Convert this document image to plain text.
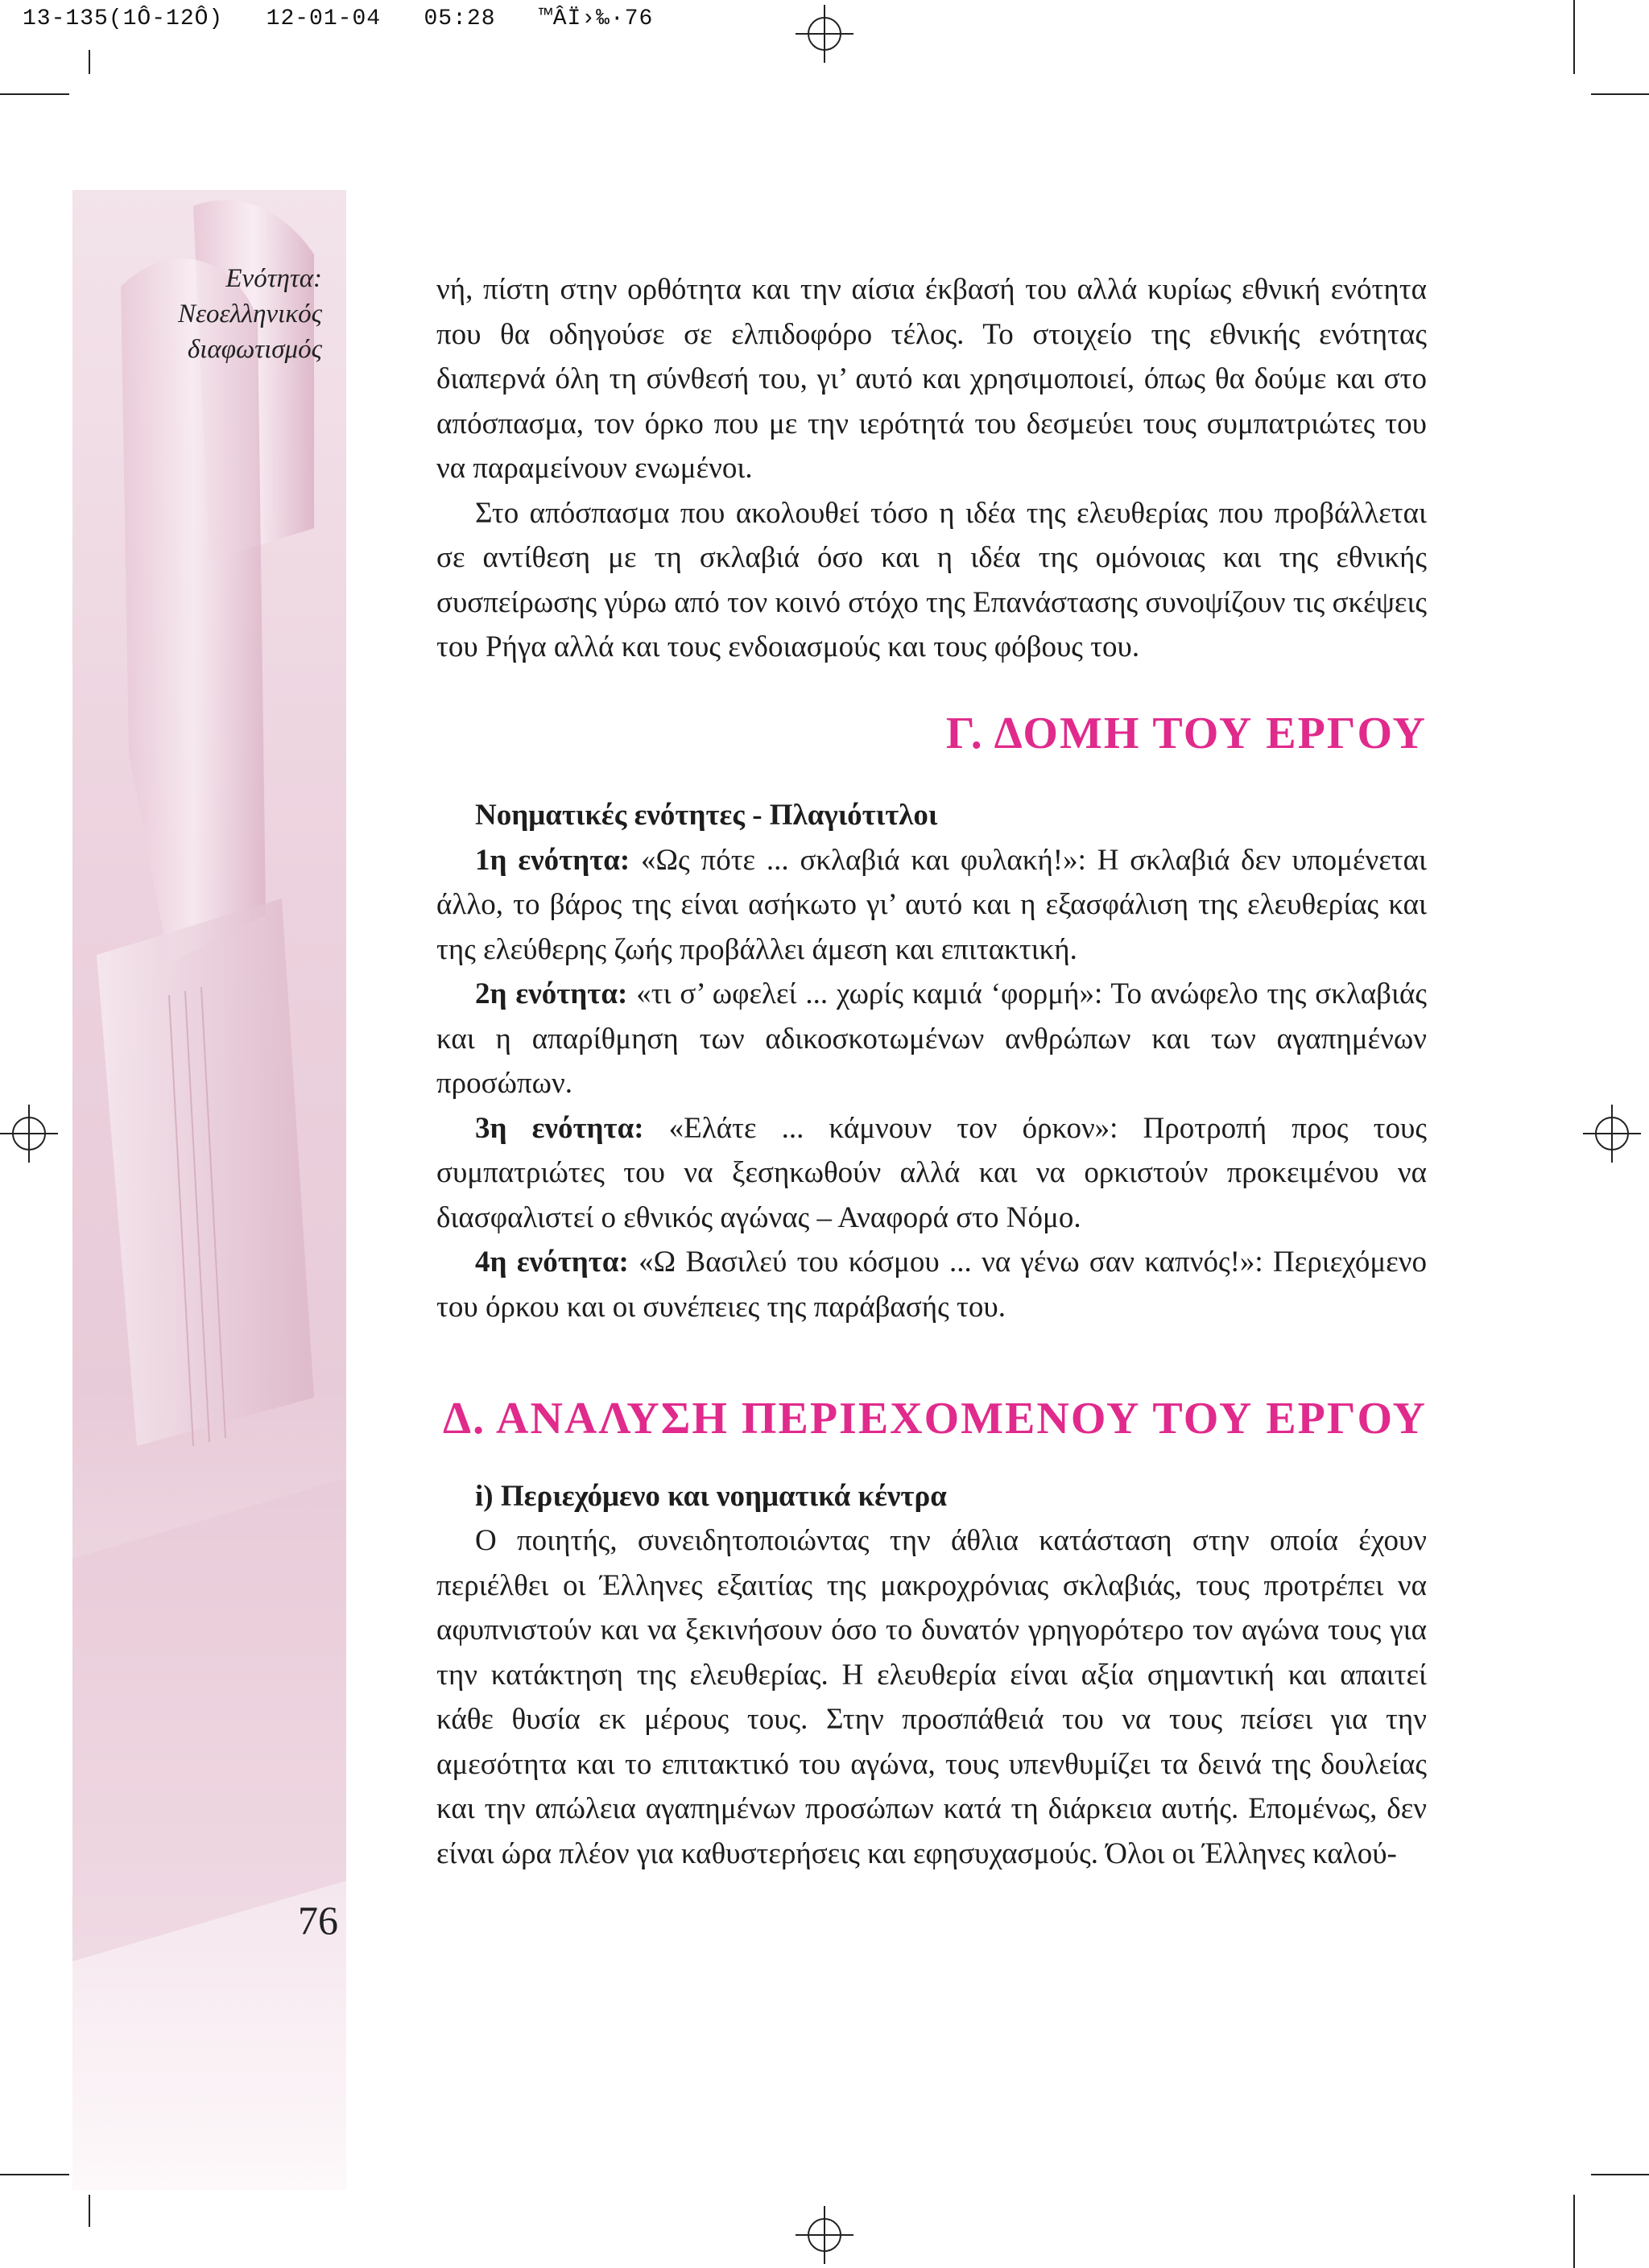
13-135(1Ô-12Ô)   12-01-04   05:28   ™ÂÏ›‰·76
Ενότητα:
Νεοελληνικός
διαφωτισμός
76

νή, πίστη στην ορθότητα και την αίσια έκβασή του αλλά κυρίως εθνική ενότητα που θα οδηγούσε σε ελπιδοφόρο τέλος. Το στοιχείο της εθνικής ενότητας διαπερνά όλη τη σύνθεσή του, γι’ αυτό και χρησιμοποιεί, όπως θα δούμε και στο απόσπασμα, τον όρκο που με την ιερότητά του δεσμεύει τους συμπατριώτες του να παραμείνουν ενωμένοι.

Στο απόσπασμα που ακολουθεί τόσο η ιδέα της ελευθερίας που προβάλλεται σε αντίθεση με τη σκλαβιά όσο και η ιδέα της ομόνοιας και της εθνικής συσπείρωσης γύρω από τον κοινό στόχο της Επανάστασης συνοψίζουν τις σκέψεις του Ρήγα αλλά και τους ενδοιασμούς και τους φόβους του.

Γ. ΔΟΜΗ ΤΟΥ ΕΡΓΟΥ

Νοηματικές ενότητες - Πλαγιότιτλοι

1η ενότητα: «Ως πότε ... σκλαβιά και φυλακή!»: Η σκλαβιά δεν υπομένεται άλλο, το βάρος της είναι ασήκωτο γι’ αυτό και η εξασφάλιση της ελευθερίας και της ελεύθερης ζωής προβάλλει άμεση και επιτακτική.

2η ενότητα: «τι σ’ ωφελεί ... χωρίς καμιά ‘φορμή»: Το ανώφελο της σκλαβιάς και η απαρίθμηση των αδικοσκοτωμένων ανθρώπων και των αγαπημένων προσώπων.

3η ενότητα: «Ελάτε ... κάμνουν τον όρκον»: Προτροπή προς τους συμπατριώτες του να ξεσηκωθούν αλλά και να ορκιστούν προκειμένου να διασφαλιστεί ο εθνικός αγώνας – Αναφορά στο Νόμο.

4η ενότητα: «Ω Βασιλεύ του κόσμου ... να γένω σαν καπνός!»: Περιεχόμενο του όρκου και οι συνέπειες της παράβασής του.

Δ. ΑΝΑΛΥΣΗ ΠΕΡΙΕΧΟΜΕΝΟΥ ΤΟΥ ΕΡΓΟΥ

i) Περιεχόμενο και νοηματικά κέντρα

Ο ποιητής, συνειδητοποιώντας την άθλια κατάσταση στην οποία έχουν περιέλθει οι Έλληνες εξαιτίας της μακροχρόνιας σκλαβιάς, τους προτρέπει να αφυπνιστούν και να ξεκινήσουν όσο το δυνατόν γρηγορότερο τον αγώνα τους για την κατάκτηση της ελευθερίας. Η ελευθερία είναι αξία σημαντική και απαιτεί κάθε θυσία εκ μέρους τους. Στην προσπάθειά του να τους πείσει για την αμεσότητα και το επιτακτικό του αγώνα, τους υπενθυμίζει τα δεινά της δουλείας και την απώλεια αγαπημένων προσώπων κατά τη διάρκεια αυτής. Επομένως, δεν είναι ώρα πλέον για καθυστερήσεις και εφησυχασμούς. Όλοι οι Έλληνες καλού-
